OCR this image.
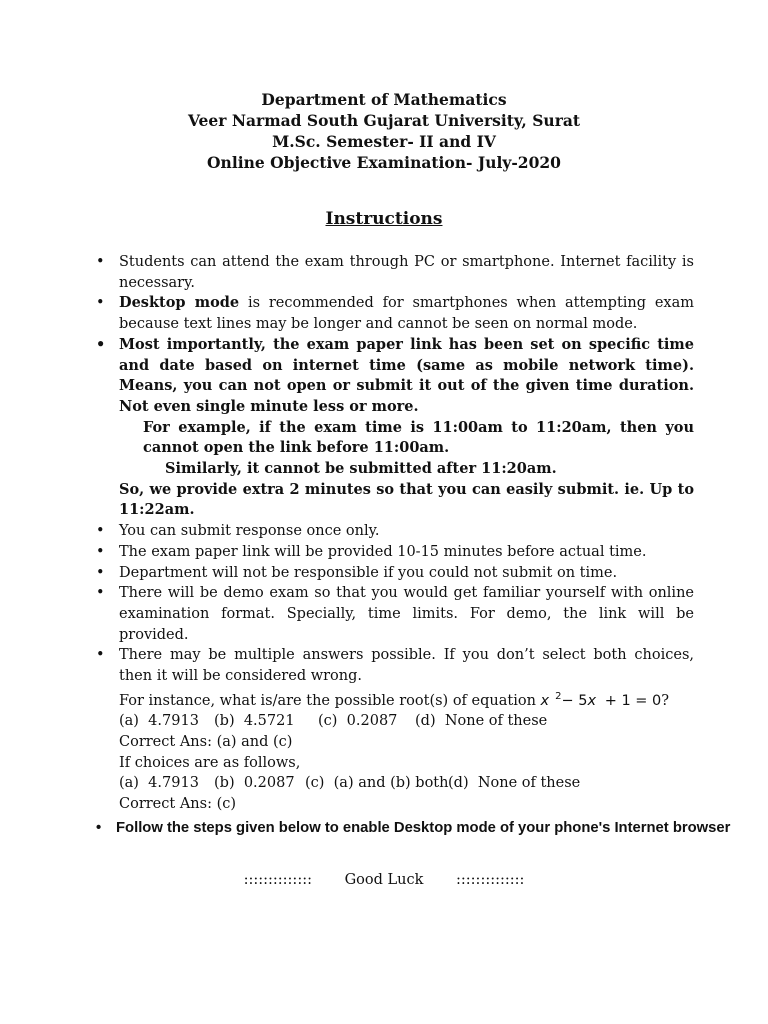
Department of Mathematics
Veer Narmad South Gujarat University, Surat
M.Sc. Semester- II and IV
Online Objective Examination- July-2020
Instructions
• Students can attend the exam through PC or smartphone. Internet facility is necessary.
• Desktop mode is recommended for smartphones when attempting exam because text lines may be longer and cannot be seen on normal mode.
• Most importantly, the exam paper link has been set on specific time and date based on internet time (same as mobile network time). Means, you can not open or submit it out of the given time duration. Not even single minute less or more.
For example, if the exam time is 11:00am to 11:20am, then you cannot open the link before 11:00am.
Similarly, it cannot be submitted after 11:20am.
So, we provide extra 2 minutes so that you can easily submit. ie. Up to 11:22am.
• You can submit response once only.
• The exam paper link will be provided 10-15 minutes before actual time.
• Department will not be responsible if you could not submit on time.
• There will be demo exam so that you would get familiar yourself with online examination format. Specially, time limits. For demo, the link will be provided.
• There may be multiple answers possible. If you don’t select both choices, then it will be considered wrong.
For instance, what is/are the possible root(s) of equation x $^2$− 5x + 1 = 0?
(a)  4.7913 (b)  4.5721 (c)  0.2087 (d)  None of these
Correct Ans: (a) and (c)
If choices are as follows,
(a)  4.7913 (b)  0.2087 (c)  (a) and (b) both(d)  None of these
Correct Ans: (c)
• Follow the steps given below to enable Desktop mode of your phone's Internet browser
:::::::::::::: Good Luck ::::::::::::::
